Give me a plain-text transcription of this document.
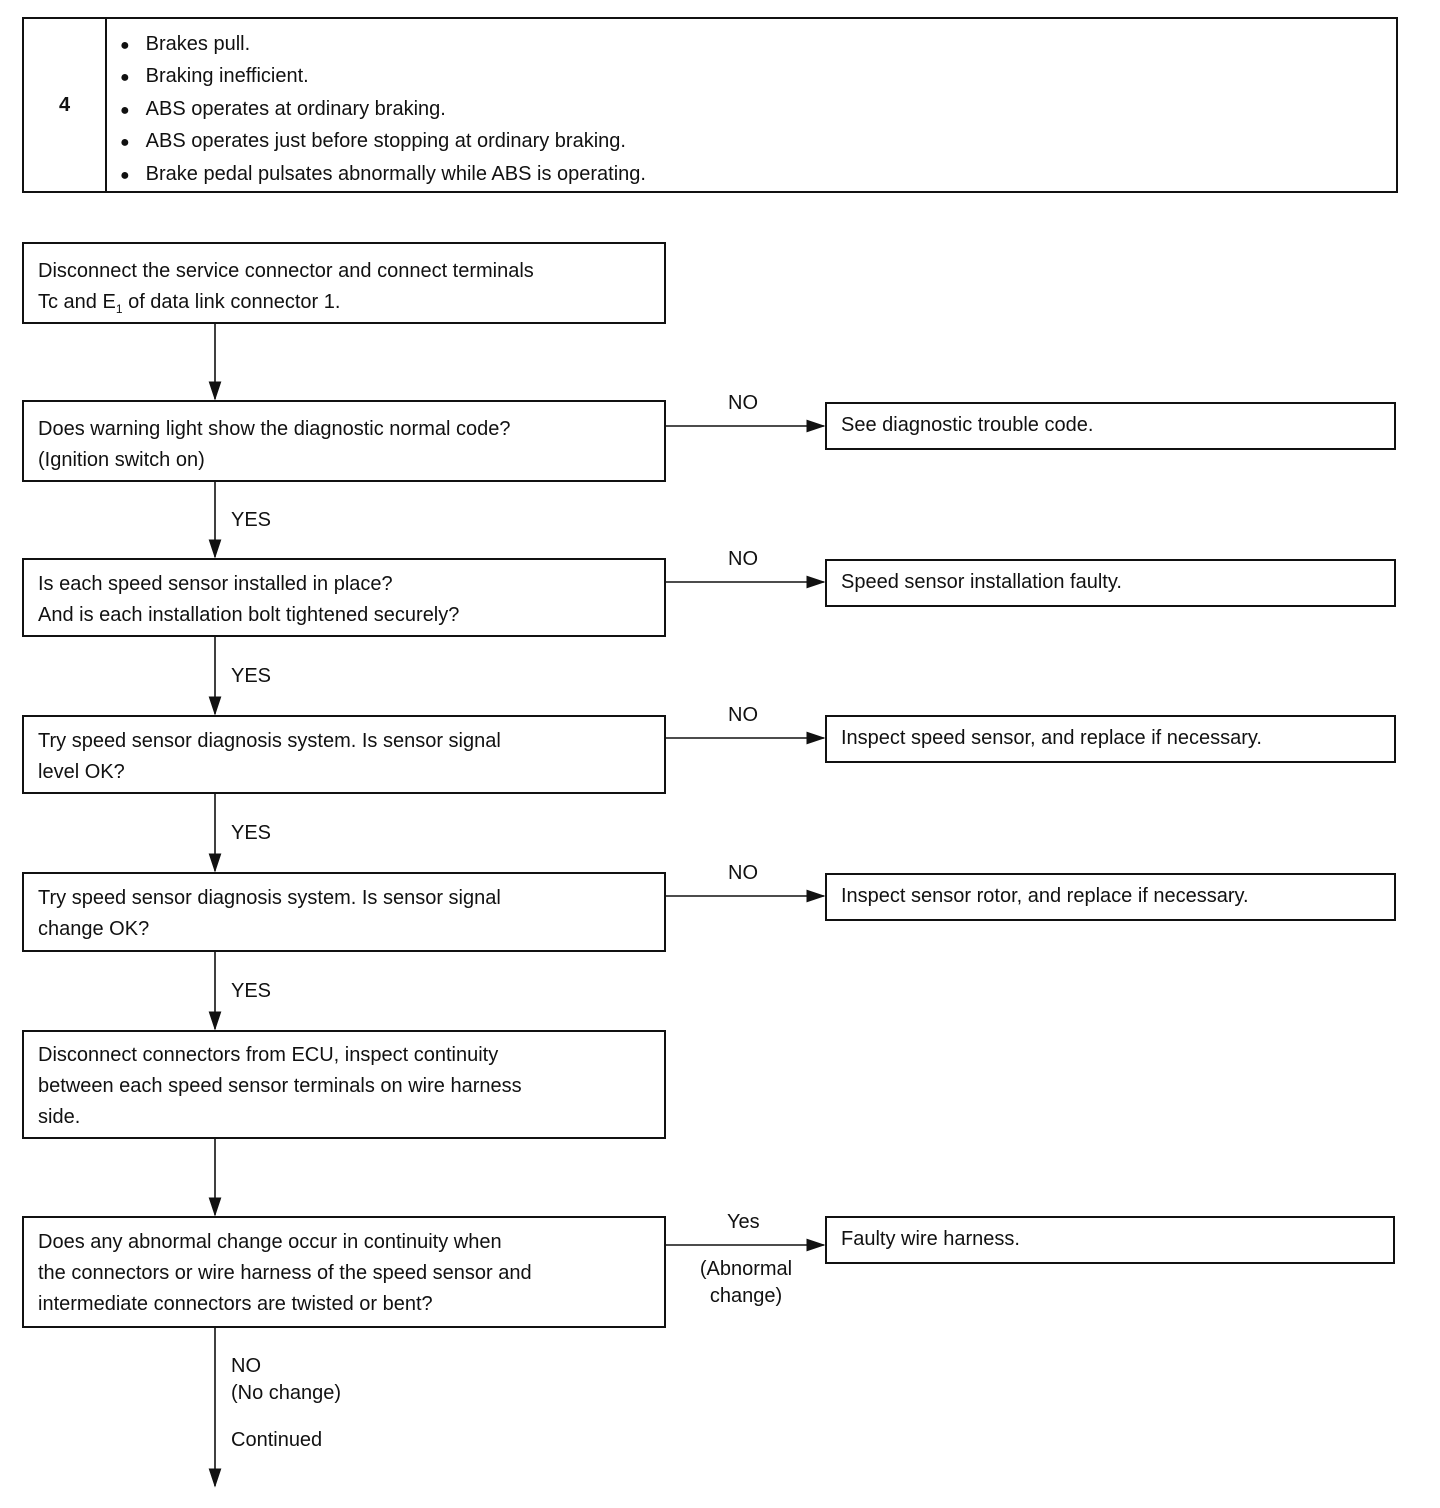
4
● Brakes pull.
● Braking inefficient.
● ABS operates at ordinary braking.
● ABS operates just before stopping at ordinary braking.
● Brake pedal pulsates abnormally while ABS is operating.
Disconnect the service connector and connect terminals
Tc and $E_1$ of data link connector 1.
Does warning light show the diagnostic normal code?
(Ignition switch on)
NO
See diagnostic trouble code.
YES
Is each speed sensor installed in place?
And is each installation bolt tightened securely?
NO
Speed sensor installation faulty.
YES
Try speed sensor diagnosis system. Is sensor signal
level OK?
NO
Inspect speed sensor, and replace if necessary.
YES
Try speed sensor diagnosis system. Is sensor signal
change OK?
NO
Inspect sensor rotor, and replace if necessary.
YES
Disconnect connectors from ECU, inspect continuity
between each speed sensor terminals on wire harness
side.
Does any abnormal change occur in continuity when
the connectors or wire harness of the speed sensor and
intermediate connectors are twisted or bent?
Yes
(Abnormal
change)
Faulty wire harness.
NO
(No change)
Continued
